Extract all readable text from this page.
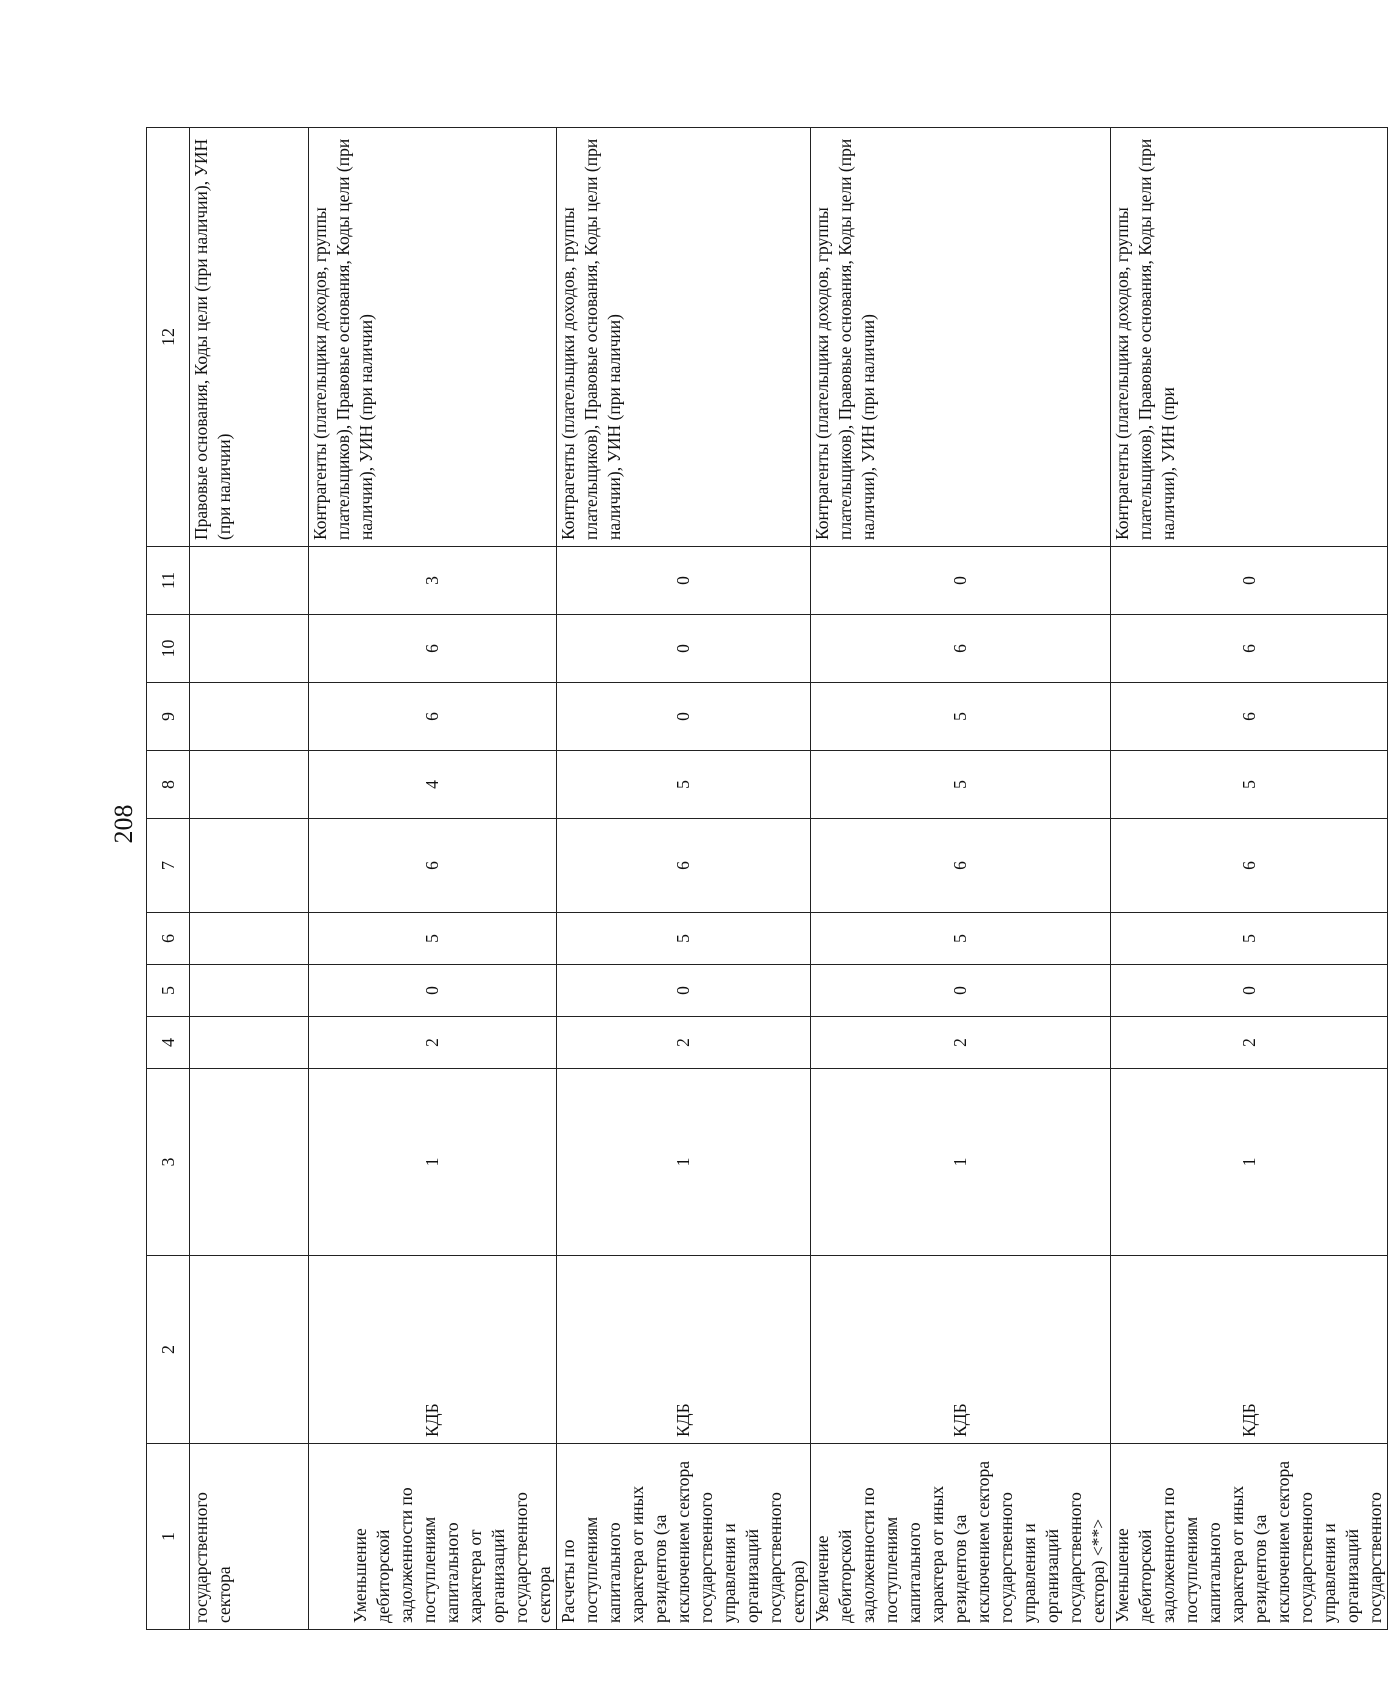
208
1	2	3	4	5	6	7	8	9	10	11	12
государственного сектора											Правовые основания, Коды цели (при наличии), УИН (при наличии)

Уменьшение дебиторской задолженности по поступлениям капитального характера от организаций государственного сектора	КДБ	1	2	0	5	6	4	6	6	3	Контрагенты (плательщики доходов, группы плательщиков), Правовые основания, Коды цели (при наличии), УИН (при наличии)
Расчеты по поступлениям капитального характера от иных резидентов (за исключением сектора государственного управления и организаций государственного сектора)	КДБ	1	2	0	5	6	5	0	0	0	Контрагенты (плательщики доходов, группы плательщиков), Правовые основания, Коды цели (при наличии), УИН (при наличии)
Увеличение дебиторской задолженности по поступлениям капитального характера от иных резидентов (за исключением сектора государственного управления и организаций государственного сектора) <**>	КДБ	1	2	0	5	6	5	5	6	0	Контрагенты (плательщики доходов, группы плательщиков), Правовые основания, Коды цели (при наличии), УИН (при наличии)
Уменьшение дебиторской задолженности по поступлениям капитального характера от иных резидентов (за исключением сектора государственного управления и организаций государственного	КДБ	1	2	0	5	6	5	6	6	0	Контрагенты (плательщики доходов, группы плательщиков), Правовые основания, Коды цели (при наличии), УИН (при
